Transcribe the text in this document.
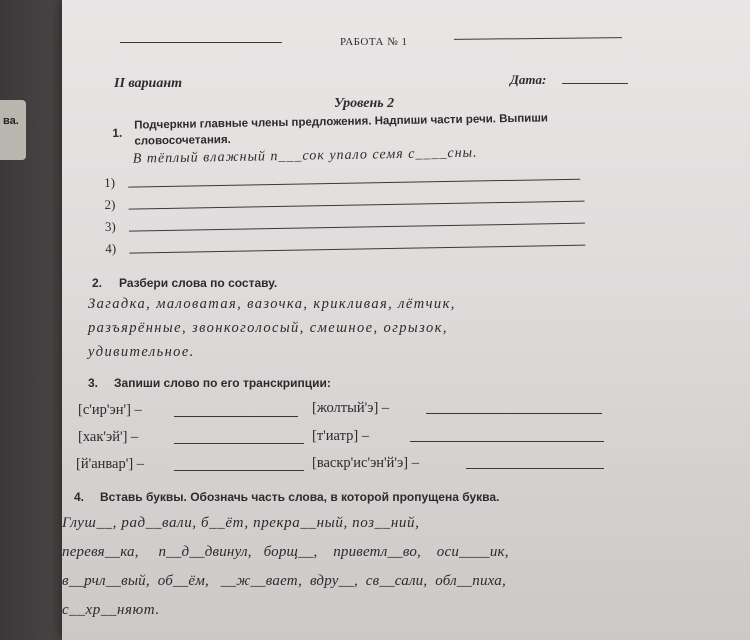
ва.
РАБОТА № 1
II вариант	Дата:
Уровень 2
1.
Подчеркни главные члены предложения. Надпиши части речи. Выпиши
словосочетания.
В тёплый влажный п___сок упало семя с____сны.
1)
2)
3)
4)
2. Разбери слова по составу.
Загадка, маловатая, вазочка, крикливая, лётчик,
разъярённые, звонкоголосый, смешное, огрызок,
удивительное.
3. Запиши слово по его транскрипции:
[с'ир'эн'] –	[жолтый'э] –
[хак'эй'] –	[т'иатр] –
[й'анвар'] –	[васкр'ис'эн'й'э] –
4. Вставь буквы. Обозначь часть слова, в которой пропущена буква.
Глуш__, рад__вали, б__ёт, прекра__ный, поз__ний,
перевя__ка,     п__д__двинул,   борщ__,    приветл__во,    оси____ик,
в__рчл__вый,  об__ём,   __ж__вает,  вдру__,  св__сали,  обл__пиха,
с__хр__няют.
